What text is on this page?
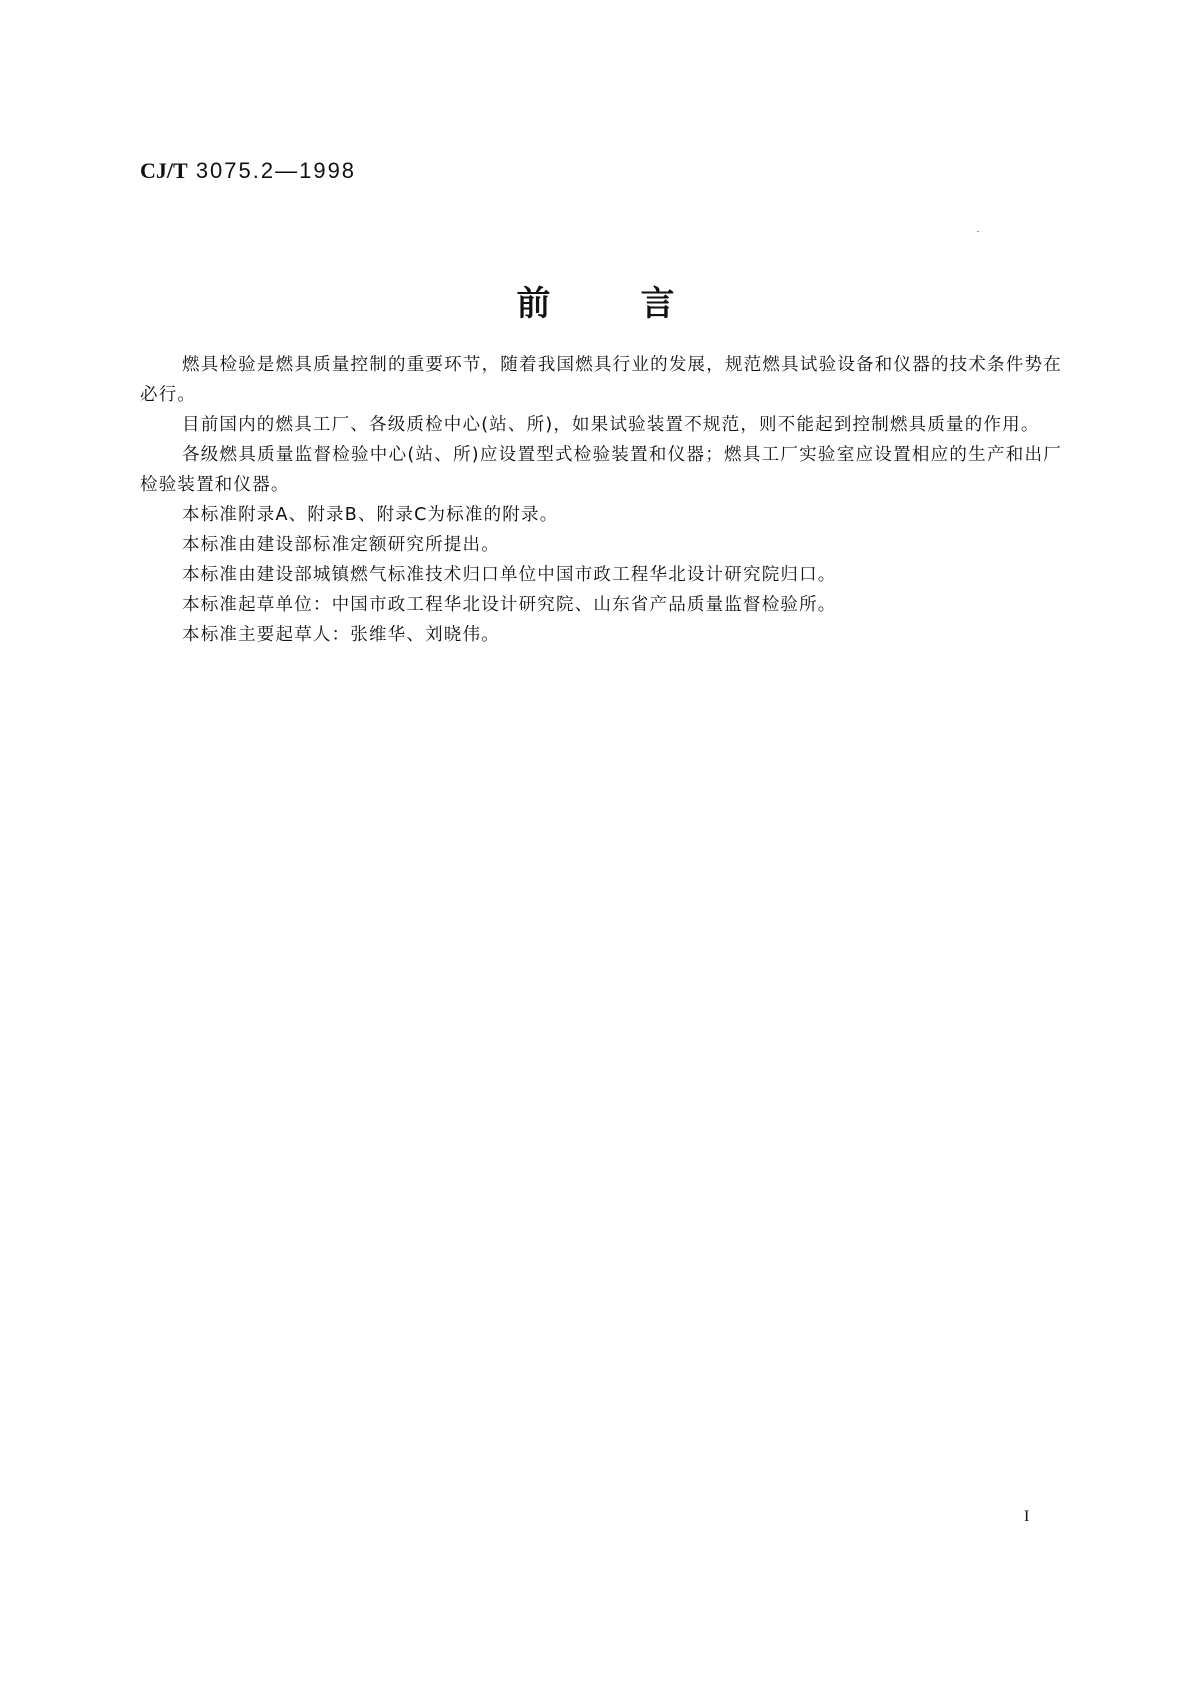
CJ/T 3075.2—1998
前言

燃具检验是燃具质量控制的重要环节，随着我国燃具行业的发展，规范燃具试验设备和仪器的技术条件势在必行。

目前国内的燃具工厂、各级质检中心(站、所)，如果试验装置不规范，则不能起到控制燃具质量的作用。

各级燃具质量监督检验中心(站、所)应设置型式检验装置和仪器；燃具工厂实验室应设置相应的生产和出厂检验装置和仪器。

本标准附录A、附录B、附录C为标准的附录。

本标准由建设部标准定额研究所提出。

本标准由建设部城镇燃气标准技术归口单位中国市政工程华北设计研究院归口。

本标准起草单位：中国市政工程华北设计研究院、山东省产品质量监督检验所。

本标准主要起草人：张维华、刘晓伟。

I
